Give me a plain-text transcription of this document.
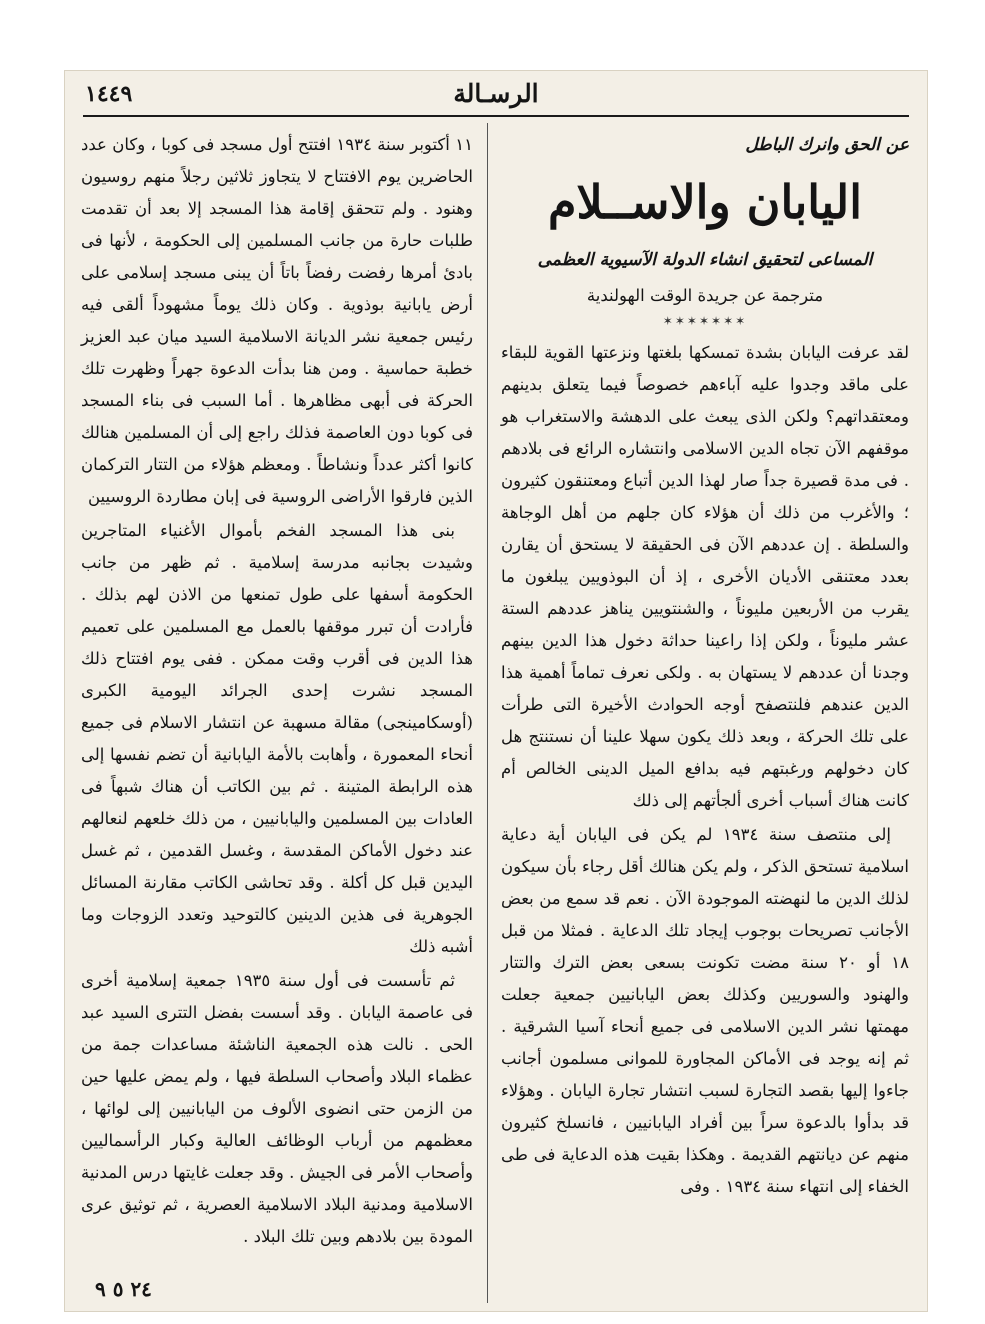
١٤٤٩	الرسـالة
عن الحق وانرك الباطل
اليابان والاســلام
المساعى لتحقيق انشاء الدولة الآسيوية العظمى
مترجمة عن جريدة الوقت الهولندية
✶✶✶✶✶✶✶

لقد عرفت اليابان بشدة تمسكها بلغتها ونزعتها القوية للبقاء على ماقد وجدوا عليه آباءهم خصوصاً فيما يتعلق بدينهم ومعتقداتهم؟ ولكن الذى يبعث على الدهشة والاستغراب هو موقفهم الآن تجاه الدين الاسلامى وانتشاره الرائع فى بلادهم . فى مدة قصيرة جداً صار لهذا الدين أتباع ومعتنقون كثيرون ؛ والأغرب من ذلك أن هؤلاء كان جلهم من أهل الوجاهة والسلطة . إن عددهم الآن فى الحقيقة لا يستحق أن يقارن بعدد معتنقى الأديان الأخرى ، إذ أن البوذويين يبلغون ما يقرب من الأربعين مليوناً ، والشنتويين يناهز عددهم الستة عشر مليوناً ، ولكن إذا راعينا حداثة دخول هذا الدين بينهم وجدنا أن عددهم لا يستهان به . ولكى نعرف تماماً أهمية هذا الدين عندهم فلنتصفح أوجه الحوادث الأخيرة التى طرأت على تلك الحركة ، وبعد ذلك يكون سهلا علينا أن نستنتج هل كان دخولهم ورغبتهم فيه بدافع الميل الدينى الخالص أم كانت هناك أسباب أخرى ألجأتهم إلى ذلك

إلى منتصف سنة ١٩٣٤ لم يكن فى اليابان أية دعاية اسلامية تستحق الذكر ، ولم يكن هنالك أقل رجاء بأن سيكون لذلك الدين ما لنهضته الموجودة الآن . نعم قد سمع من بعض الأجانب تصريحات بوجوب إيجاد تلك الدعاية . فمثلا من قبل ١٨ أو ٢٠ سنة مضت تكونت بسعى بعض الترك والتتار والهنود والسوريين وكذلك بعض اليابانيين جمعية جعلت مهمتها نشر الدين الاسلامى فى جميع أنحاء آسيا الشرقية . ثم إنه يوجد فى الأماكن المجاورة للموانى مسلمون أجانب جاءوا إليها بقصد التجارة لسبب انتشار تجارة اليابان . وهؤلاء قد بدأوا بالدعوة سراً بين أفراد اليابانيين ، فانسلخ كثيرون منهم عن ديانتهم القديمة . وهكذا بقيت هذه الدعاية فى طى الخفاء إلى انتهاء سنة ١٩٣٤ . وفى

١١ أكتوبر سنة ١٩٣٤ افتتح أول مسجد فى كوبا ، وكان عدد الحاضرين يوم الافتتاح لا يتجاوز ثلاثين رجلاً منهم روسيون وهنود . ولم تتحقق إقامة هذا المسجد إلا بعد أن تقدمت طلبات حارة من جانب المسلمين إلى الحكومة ، لأنها فى بادئ أمرها رفضت رفضاً باتاً أن يبنى مسجد إسلامى على أرض يابانية بوذوية . وكان ذلك يوماً مشهوداً ألقى فيه رئيس جمعية نشر الديانة الاسلامية السيد ميان عبد العزيز خطبة حماسية . ومن هنا بدأت الدعوة جهراً وظهرت تلك الحركة فى أبهى مظاهرها . أما السبب فى بناء المسجد فى كوبا دون العاصمة فذلك راجع إلى أن المسلمين هنالك كانوا أكثر عدداً ونشاطاً . ومعظم هؤلاء من التتار التركمان الذين فارقوا الأراضى الروسية فى إبان مطاردة الروسيين

بنى هذا المسجد الفخم بأموال الأغنياء المتاجرين وشيدت بجانبه مدرسة إسلامية . ثم ظهر من جانب الحكومة أسفها على طول تمنعها من الاذن لهم بذلك . فأرادت أن تبرر موقفها بالعمل مع المسلمين على تعميم هذا الدين فى أقرب وقت ممكن . ففى يوم افتتاح ذلك المسجد نشرت إحدى الجرائد اليومية الكبرى (أوسكامينجى) مقالة مسهبة عن انتشار الاسلام فى جميع أنحاء المعمورة ، وأهابت بالأمة اليابانية أن تضم نفسها إلى هذه الرابطة المتينة . ثم بين الكاتب أن هناك شبهاً فى العادات بين المسلمين واليابانيين ، من ذلك خلعهم لنعالهم عند دخول الأماكن المقدسة ، وغسل القدمين ، ثم غسل اليدين قبل كل أكلة . وقد تحاشى الكاتب مقارنة المسائل الجوهرية فى هذين الدينين كالتوحيد وتعدد الزوجات وما أشبه ذلك

ثم تأسست فى أول سنة ١٩٣٥ جمعية إسلامية أخرى فى عاصمة اليابان . وقد أسست بفضل التترى السيد عبد الحى . نالت هذه الجمعية الناشئة مساعدات جمة من عظماء البلاد وأصحاب السلطة فيها ، ولم يمض عليها حين من الزمن حتى انضوى الألوف من اليابانيين إلى لوائها ، معظمهم من أرباب الوظائف العالية وكبار الرأسماليين وأصحاب الأمر فى الجيش . وقد جعلت غايتها درس المدنية الاسلامية ومدنية البلاد الاسلامية العصرية ، ثم توثيق عرى المودة بين بلادهم وبين تلك البلاد .

٢٤ ٥ ٩
